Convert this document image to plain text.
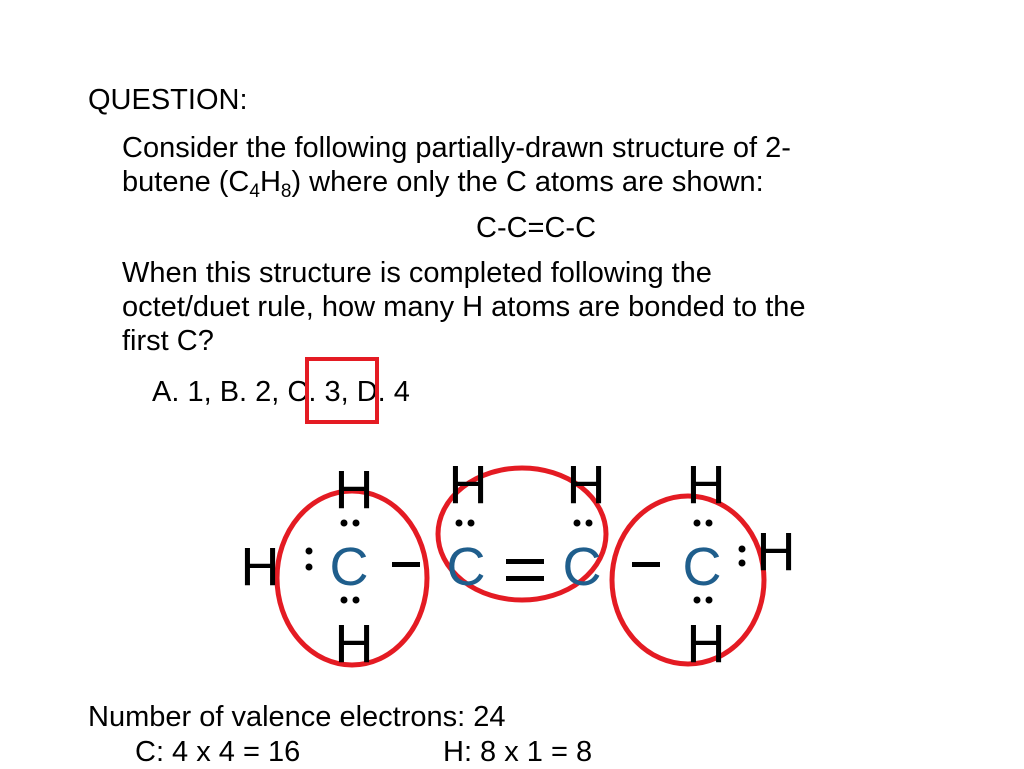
QUESTION:

Consider the following partially-drawn structure of 2-
butene $(C_4H_8)$ where only the C atoms are shown:

C-C=C-C

When this structure is completed following the
octet/duet rule, how many H atoms are bonded to the
first C?

A. 1, B. 2, C. 3, D. 4

H
H
H
H H H
H
H
C C C C

Number of valence electrons: 24

C: 4 x 4 = 16	H: 8 x 1 = 8
